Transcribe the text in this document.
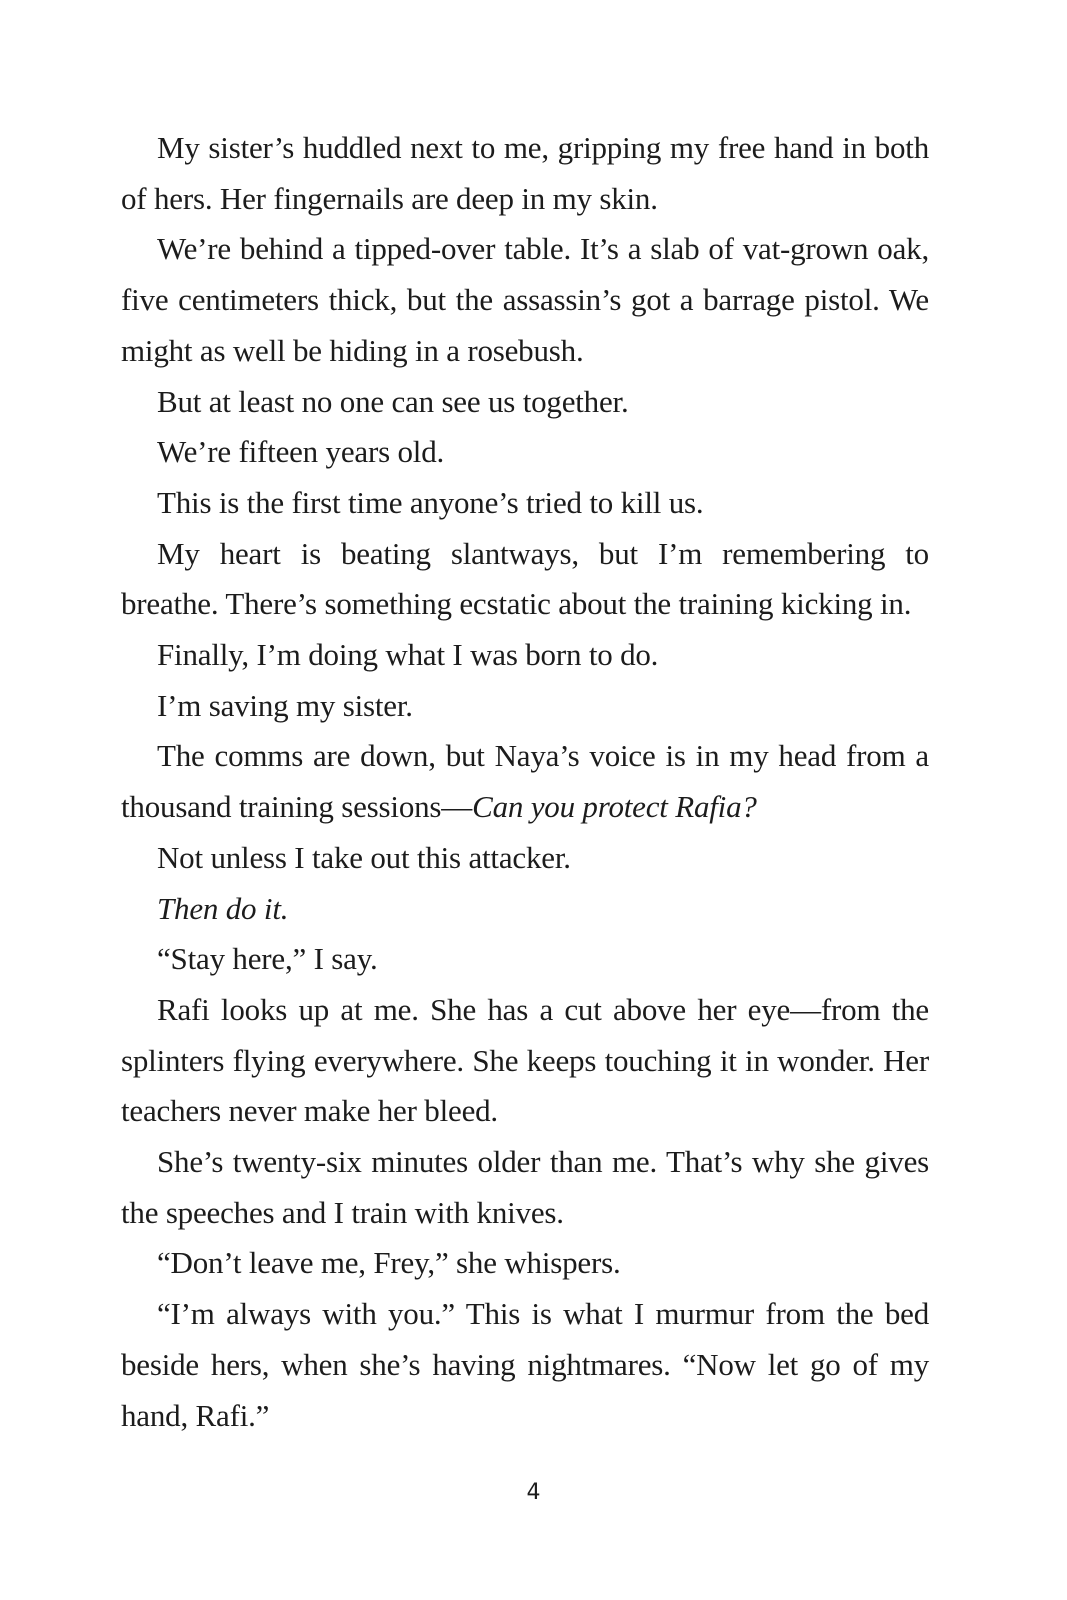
My sister’s huddled next to me, gripping my free hand in both of hers. Her fingernails are deep in my skin.

We’re behind a tipped-over table. It’s a slab of vat-grown oak, five centimeters thick, but the assassin’s got a barrage pistol. We might as well be hiding in a rosebush.

But at least no one can see us together.

We’re fifteen years old.

This is the first time anyone’s tried to kill us.

My heart is beating slantways, but I’m remembering to breathe. There’s something ecstatic about the training kicking in.

Finally, I’m doing what I was born to do.

I’m saving my sister.

The comms are down, but Naya’s voice is in my head from a thousand training sessions—Can you protect Rafia?

Not unless I take out this attacker.

Then do it.

“Stay here,” I say.

Rafi looks up at me. She has a cut above her eye—from the splinters flying everywhere. She keeps touching it in wonder. Her teachers never make her bleed.

She’s twenty-six minutes older than me. That’s why she gives the speeches and I train with knives.

“Don’t leave me, Frey,” she whispers.

“I’m always with you.” This is what I murmur from the bed beside hers, when she’s having nightmares. “Now let go of my hand, Rafi.”

4
